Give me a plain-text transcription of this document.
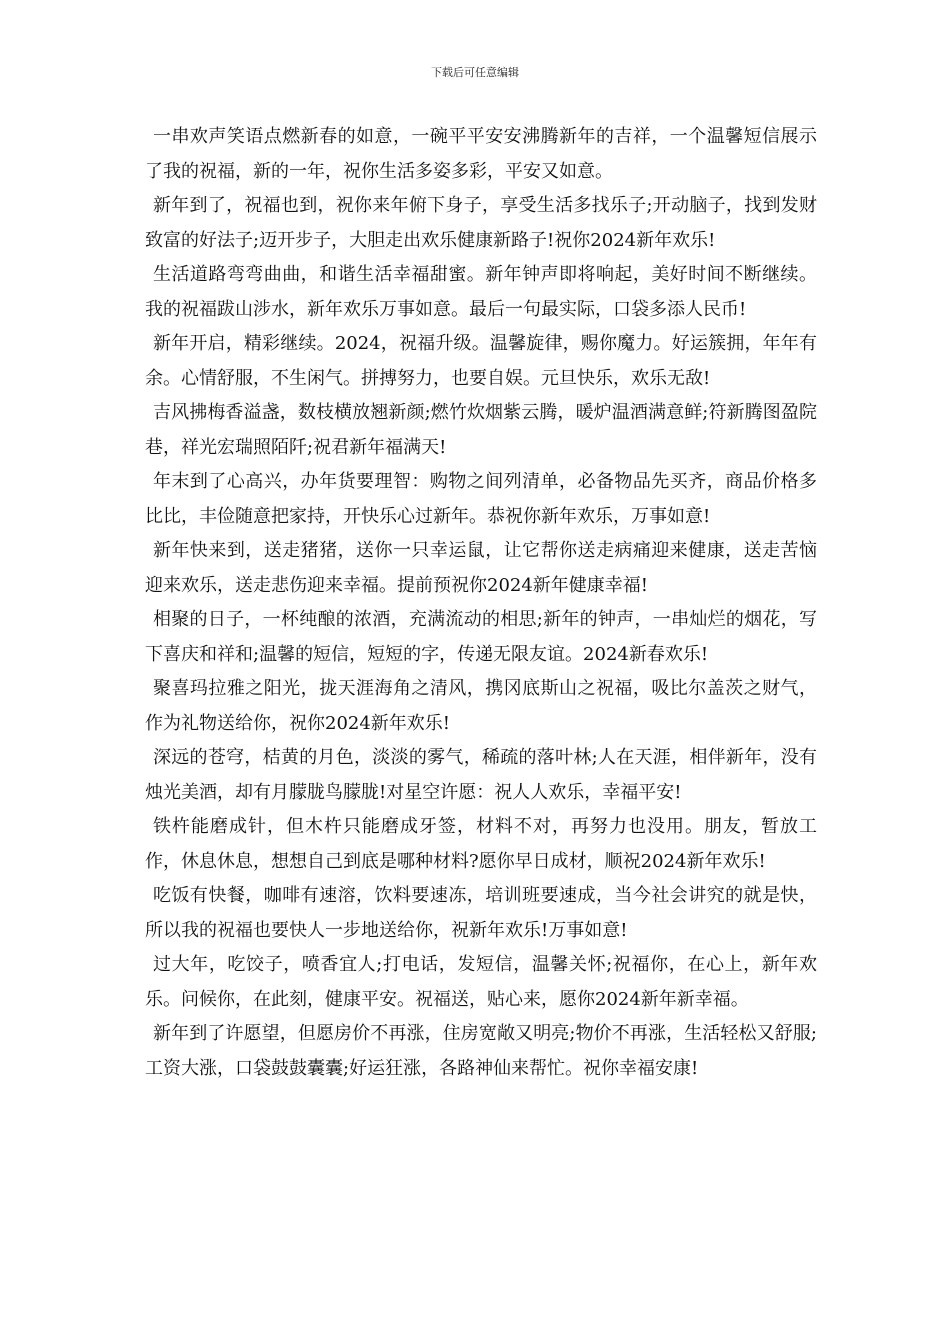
下载后可任意编辑

一串欢声笑语点燃新春的如意，一碗平平安安沸腾新年的吉祥，一个温馨短信展示了我的祝福，新的一年，祝你生活多姿多彩，平安又如意。

新年到了，祝福也到，祝你来年俯下身子，享受生活多找乐子;开动脑子，找到发财致富的好法子;迈开步子，大胆走出欢乐健康新路子!祝你2024新年欢乐!

生活道路弯弯曲曲，和谐生活幸福甜蜜。新年钟声即将响起，美好时间不断继续。我的祝福跋山涉水，新年欢乐万事如意。最后一句最实际，口袋多添人民币!

新年开启，精彩继续。2024，祝福升级。温馨旋律，赐你魔力。好运簇拥，年年有余。心情舒服，不生闲气。拼搏努力，也要自娱。元旦快乐，欢乐无敌!

吉风拂梅香溢盏，数枝横放翘新颜;燃竹炊烟紫云腾，暖炉温酒满意鲜;符新腾图盈院巷，祥光宏瑞照陌阡;祝君新年福满天!

年末到了心高兴，办年货要理智：购物之间列清单，必备物品先买齐，商品价格多比比，丰俭随意把家持，开快乐心过新年。恭祝你新年欢乐，万事如意!

新年快来到，送走猪猪，送你一只幸运鼠，让它帮你送走病痛迎来健康，送走苦恼迎来欢乐，送走悲伤迎来幸福。提前预祝你2024新年健康幸福!

相聚的日子，一杯纯酿的浓酒，充满流动的相思;新年的钟声，一串灿烂的烟花，写下喜庆和祥和;温馨的短信，短短的字，传递无限友谊。2024新春欢乐!

聚喜玛拉雅之阳光，拢天涯海角之清风，携冈底斯山之祝福，吸比尔盖茨之财气，作为礼物送给你，祝你2024新年欢乐!

深远的苍穹，桔黄的月色，淡淡的雾气，稀疏的落叶林;人在天涯，相伴新年，没有烛光美酒，却有月朦胧鸟朦胧!对星空许愿：祝人人欢乐，幸福平安!

铁杵能磨成针，但木杵只能磨成牙签，材料不对，再努力也没用。朋友，暂放工作，休息休息，想想自己到底是哪种材料?愿你早日成材，顺祝2024新年欢乐!

吃饭有快餐，咖啡有速溶，饮料要速冻，培训班要速成，当今社会讲究的就是快，所以我的祝福也要快人一步地送给你，祝新年欢乐!万事如意!

过大年，吃饺子，喷香宜人;打电话，发短信，温馨关怀;祝福你，在心上，新年欢乐。问候你，在此刻，健康平安。祝福送，贴心来，愿你2024新年新幸福。

新年到了许愿望，但愿房价不再涨，住房宽敞又明亮;物价不再涨，生活轻松又舒服;工资大涨，口袋鼓鼓囊囊;好运狂涨，各路神仙来帮忙。祝你幸福安康!
